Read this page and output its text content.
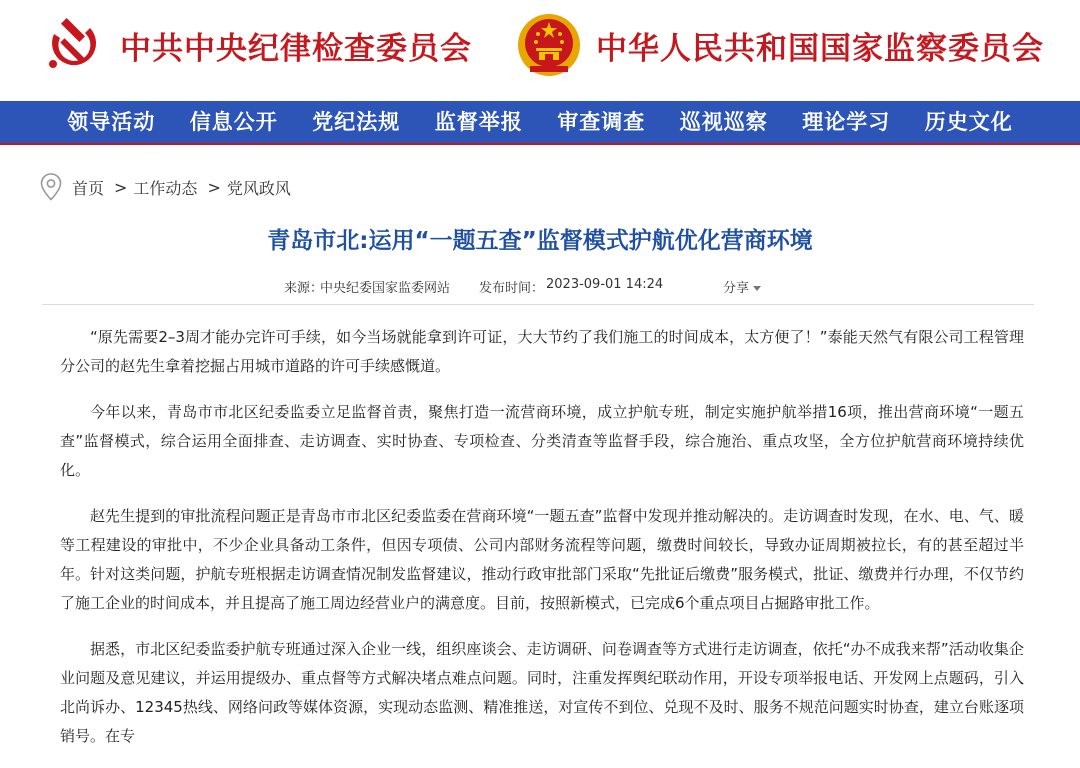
中共中央纪律检查委员会	中华人民共和国国家监察委员会
领导活动	信息公开	党纪法规	监督举报	审查调查	巡视巡察	理论学习	历史文化
首页 > 工作动态 > 党风政风
青岛市北:运用“一题五查”监督模式护航优化营商环境
来源：
中央纪委国家监委网站 发布时间： 2023-09-01 14:24	分享

“原先需要2–3周才能办完许可手续，如今当场就能拿到许可证，大大节约了我们施工的时间成本，太方便了！”泰能天然气有限公司工程管理分公司的赵先生拿着挖掘占用城市道路的许可手续感慨道。

今年以来，青岛市市北区纪委监委立足监督首责，聚焦打造一流营商环境，成立护航专班，制定实施护航举措16项，推出营商环境“一题五查”监督模式，综合运用全面排查、走访调查、实时协查、专项检查、分类清查等监督手段，综合施治、重点攻坚，全方位护航营商环境持续优化。

赵先生提到的审批流程问题正是青岛市市北区纪委监委在营商环境“一题五查”监督中发现并推动解决的。走访调查时发现，在水、电、气、暖等工程建设的审批中，不少企业具备动工条件，但因专项债、公司内部财务流程等问题，缴费时间较长，导致办证周期被拉长，有的甚至超过半年。针对这类问题，护航专班根据走访调查情况制发监督建议，推动行政审批部门采取“先批证后缴费”服务模式，批证、缴费并行办理，不仅节约了施工企业的时间成本，并且提高了施工周边经营业户的满意度。目前，按照新模式，已完成6个重点项目占掘路审批工作。

据悉，市北区纪委监委护航专班通过深入企业一线，组织座谈会、走访调研、问卷调查等方式进行走访调查，依托“办不成我来帮”活动收集企业问题及意见建议，并运用提级办、重点督等方式解决堵点难点问题。同时，注重发挥舆纪联动作用，开设专项举报电话、开发网上点题码，引入北尚诉办、12345热线、网络问政等媒体资源，实现动态监测、精准推送，对宣传不到位、兑现不及时、服务不规范问题实时协查，建立台账逐项销号。在专
